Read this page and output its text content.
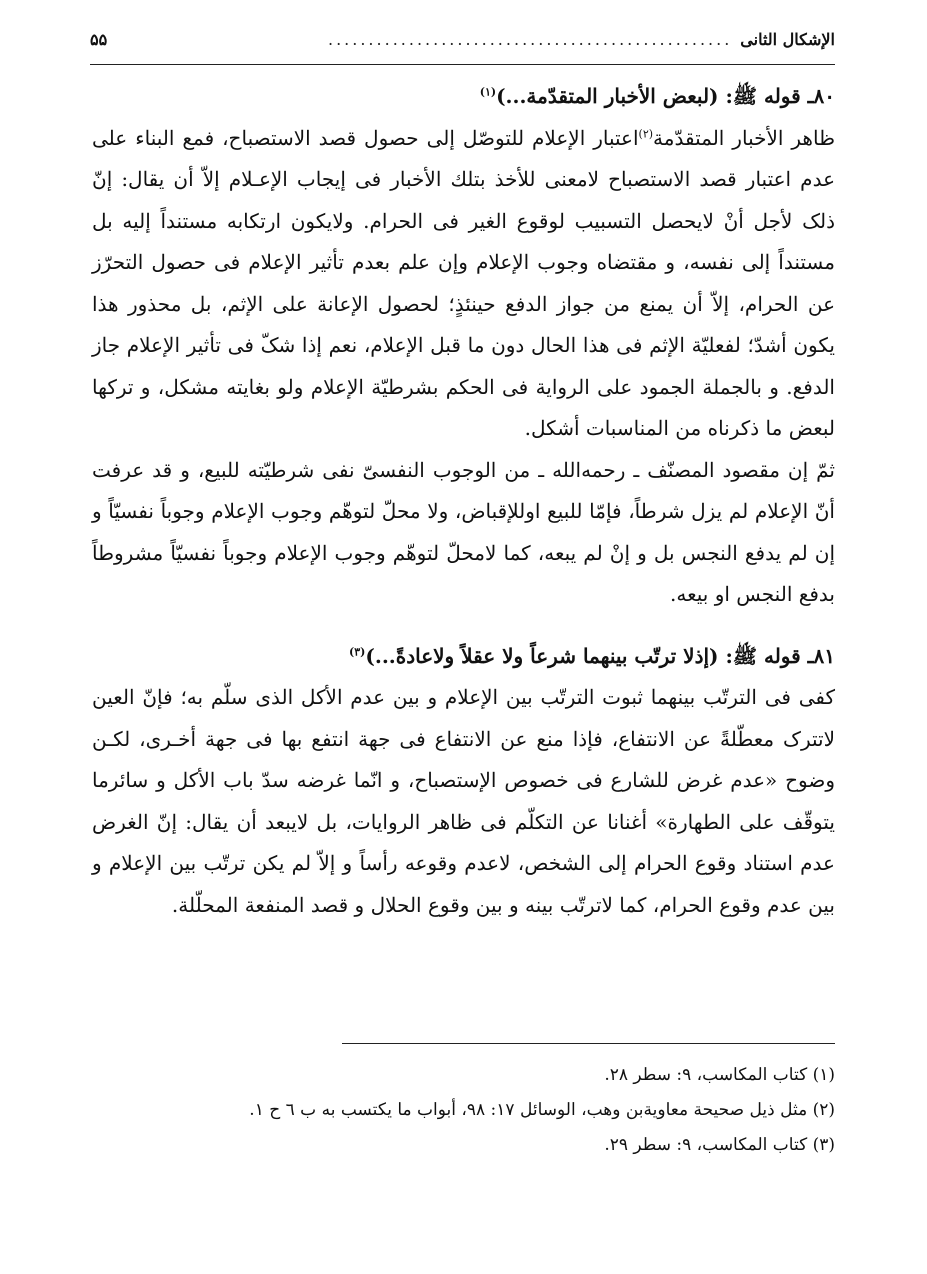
الإشكال الثانی
..................................................
۵۵

۸۰ـ قوله ﷺ: (لبعض الأخبار المتقدّمة...)$^{(۱)}$

ظاهر الأخبار المتقدّمة$^{(۲)}$اعتبار الإعلام للتوصّل إلى حصول قصد الاستصباح، فمع البناء على عدم اعتبار قصد الاستصباح لامعنى للأخذ بتلك الأخبار فی إیجاب الإعـلام إلاّ أن یقال: إنّ ذلک لأجل أنْ لایحصل التسبیب لوقوع الغیر فی الحرام. ولایکون ارتکابه مستنداً إلیه بل مستنداً إلى نفسه، و مقتضاه وجوب الإعلام وإن علم بعدم تأثیر الإعلام فی حصول التحرّز عن الحرام، إلاّ أن یمنع من جواز الدفع حینئذٍ؛ لحصول الإعانة على الإثم، بل محذور هذا یکون أشدّ؛ لفعلیّة الإثم فی هذا الحال دون ما قبل الإعلام، نعم إذا شکّ فی تأثیر الإعلام جاز الدفع. و بالجملة الجمود على الروایة فی الحکم بشرطیّة الإعلام ولو بغایته مشکل، و ترکها لبعض ما ذکرناه من المناسبات أشکل.

ثمّ إن مقصود المصنّف ـ رحمه‌الله ـ من الوجوب النفسیّ نفی شرطیّته للبیع، و قد عرفت أنّ الإعلام لم یزل شرطاً، فإمّا للبیع اوللإقباض، ولا محلّ لتوهّم وجوب الإعلام وجوباً نفسیّاً و إن لم یدفع النجس بل و إنْ لم یبعه، کما لامحلّ لتوهّم وجوب الإعلام وجوباً نفسیّاً مشروطاً بدفع النجس او بیعه.

۸۱ـ قوله ﷺ: (إذلا ترتّب بینهما شرعاً ولا عقلاً ولاعادةً...)$^{(۳)}$

کفى فی الترتّب بینهما ثبوت الترتّب بین الإعلام و بین عدم الأکل الذی سلّم به؛ فإنّ العین لاتترک معطّلةً عن الانتفاع، فإذا منع عن الانتفاع فی جهة انتفع بها فی جهة أخـرى، لکـن وضوح «عدم غرض للشارع فی خصوص الإستصباح، و انّما غرضه سدّ باب الأکل و سائرما یتوقّف على الطهارة» أغنانا عن التکلّم فی ظاهر الروایات، بل لایبعد أن یقال: إنّ الغرض عدم استناد وقوع الحرام إلى الشخص، لاعدم وقوعه رأساً و إلاّ لم یکن ترتّب بین الإعلام و بین عدم وقوع الحرام، کما لاترتّب بینه و بین وقوع الحلال و قصد المنفعة المحلّلة.

(۱) کتاب المکاسب، ۹: سطر ۲۸.
(۲) مثل ذیل صحیحة معاویةبن وهب، الوسائل ۱۷: ۹۸، أبواب ما یکتسب به ب ٦ ح ۱.
(۳) کتاب المکاسب، ۹: سطر ۲۹.
